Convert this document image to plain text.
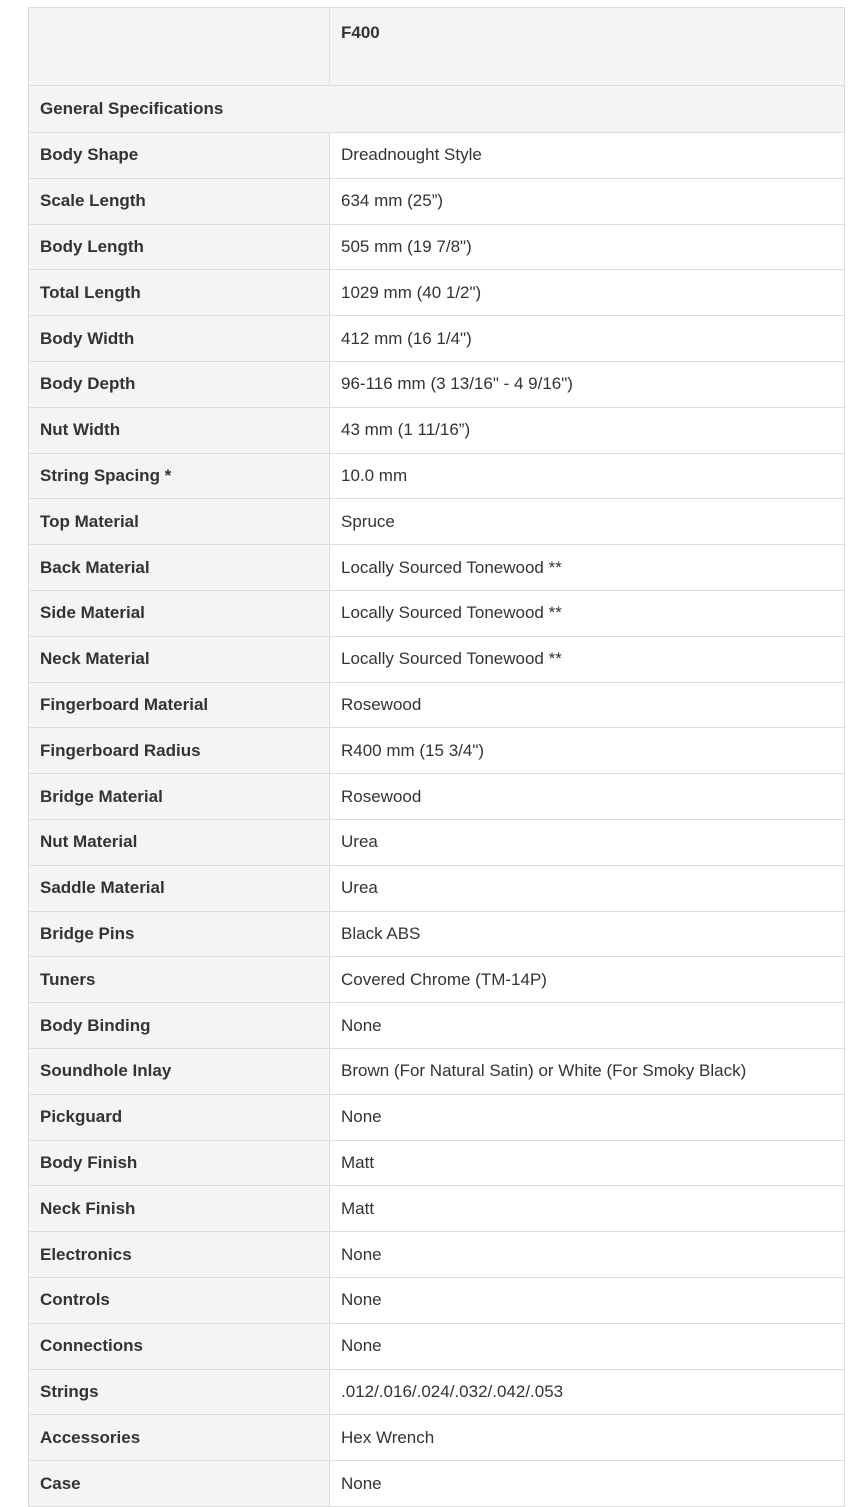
	F400
General Specifications	
Body Shape	Dreadnought Style
Scale Length	634 mm (25”)
Body Length	505 mm (19 7/8")
Total Length	1029 mm (40 1/2")
Body Width	412 mm (16 1/4")
Body Depth	96-116 mm (3 13/16" - 4 9/16")
Nut Width	43 mm (1 11/16”)
String Spacing *	10.0 mm
Top Material	Spruce
Back Material	Locally Sourced Tonewood **
Side Material	Locally Sourced Tonewood **
Neck Material	Locally Sourced Tonewood **
Fingerboard Material	Rosewood
Fingerboard Radius	R400 mm (15 3/4")
Bridge Material	Rosewood
Nut Material	Urea
Saddle Material	Urea
Bridge Pins	Black ABS
Tuners	Covered Chrome (TM-14P)
Body Binding	None
Soundhole Inlay	Brown (For Natural Satin) or White (For Smoky Black)
Pickguard	None
Body Finish	Matt
Neck Finish	Matt
Electronics	None
Controls	None
Connections	None
Strings	.012/.016/.024/.032/.042/.053
Accessories	Hex Wrench
Case	None
